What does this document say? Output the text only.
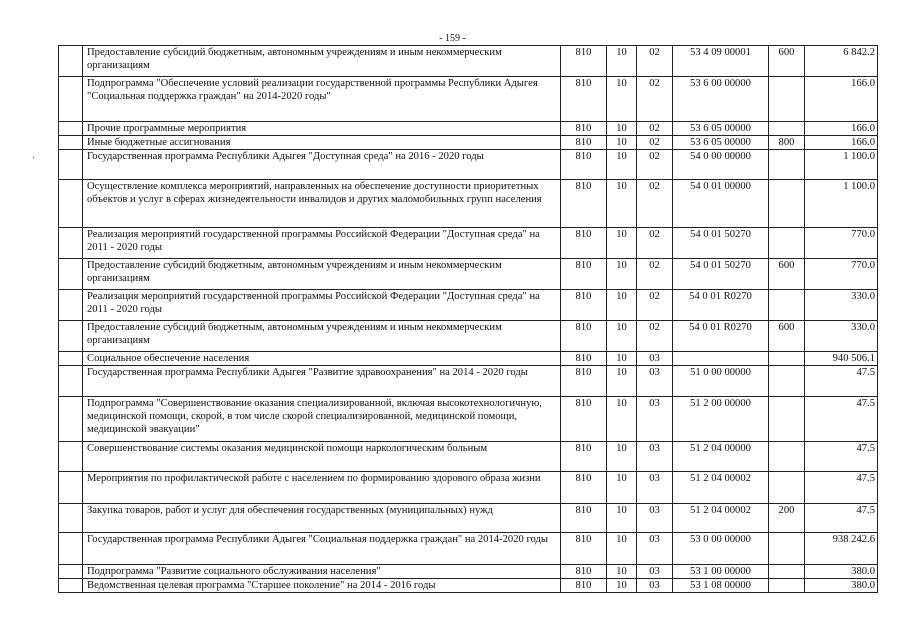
- 159 -
·
	Предоставление субсидий бюджетным, автономным учреждениям и иным некоммерческим организациям	810	10	02	53 4 09 00001	600	6 842.2
	Подпрограмма "Обеспечение условий реализации государственной программы Республики Адыгея "Социальная поддержка граждан" на 2014-2020 годы"	810	10	02	53 6 00 00000		166.0
	Прочие программные мероприятия	810	10	02	53 6 05 00000		166.0
	Иные бюджетные ассигнования	810	10	02	53 6 05 00000	800	166.0
	Государственная программа Республики Адыгея "Доступная среда" на 2016 - 2020 годы	810	10	02	54 0 00 00000		1 100.0
	Осуществление комплекса мероприятий, направленных на обеспечение доступности приоритетных объектов и услуг в сферах жизнедеятельности инвалидов и других маломобильных групп населения	810	10	02	54 0 01 00000		1 100.0
	Реализация мероприятий государственной программы Российской Федерации "Доступная среда" на 2011 - 2020 годы	810	10	02	54 0 01 50270		770.0
	Предоставление субсидий бюджетным, автономным учреждениям и иным некоммерческим организациям	810	10	02	54 0 01 50270	600	770.0
	Реализация мероприятий государственной программы Российской Федерации "Доступная среда" на 2011 - 2020 годы	810	10	02	54 0 01 R0270		330.0
	Предоставление субсидий бюджетным, автономным учреждениям и иным некоммерческим организациям	810	10	02	54 0 01 R0270	600	330.0
	Социальное обеспечение населения	810	10	03			940 506.1
	Государственная программа Республики Адыгея "Развитие здравоохранения" на 2014 - 2020 годы	810	10	03	51 0 00 00000		47.5
	Подпрограмма "Совершенствование оказания специализированной, включая высокотехнологичную, медицинской помощи, скорой, в том числе скорой специализированной, медицинской помощи, медицинской эвакуации"	810	10	03	51 2 00 00000		47.5
	Совершенствование системы оказания медицинской помощи наркологическим больным	810	10	03	51 2 04 00000		47.5
	Мероприятия по профилактической работе с населением по формированию здорового образа жизни	810	10	03	51 2 04 00002		47.5
	Закупка товаров, работ и услуг для обеспечения государственных (муниципальных) нужд	810	10	03	51 2 04 00002	200	47.5
	Государственная программа Республики Адыгея "Социальная поддержка граждан" на 2014-2020 годы	810	10	03	53 0 00 00000		938 242.6
	Подпрограмма "Развитие социального обслуживания населения"	810	10	03	53 1 00 00000		380.0
	Ведомственная целевая программа "Старшее поколение" на 2014 - 2016 годы	810	10	03	53 1 08 00000		380.0
